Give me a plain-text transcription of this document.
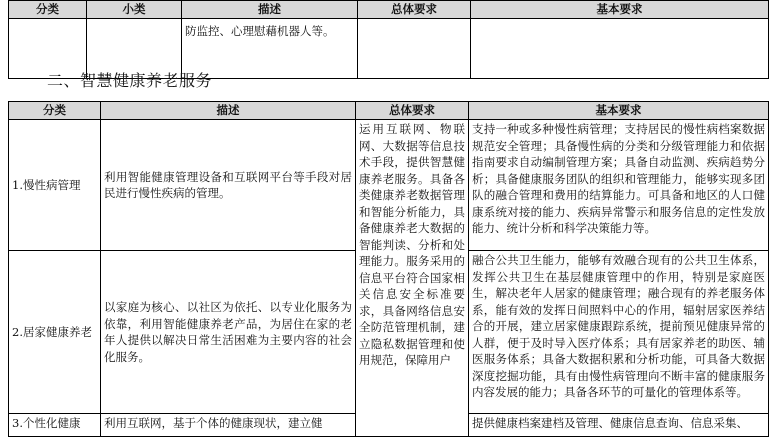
分类	小类	描述	总体要求	基本要求
		防监控、心理慰藉机器人等。		
二、智慧健康养老服务
分类	描述	总体要求	基本要求
1.慢性病管理	利用智能健康管理设备和互联网平台等手段对居民进行慢性疾病的管理。	运用互联网、物联网、大数据等信息技术手段，提供智慧健康养老服务。具备各类健康养老数据管理和智能分析能力，具备健康养老大数据的智能判读、分析和处理能力。服务采用的信息平台符合国家相关信息安全标准要求，具备网络信息安全防范管理机制，建立隐私数据管理和使用规范，保障用户	支持一种或多种慢性病管理；支持居民的慢性病档案数据规范安全管理；具备慢性病的分类和分级管理能力和依据指南要求自动编制管理方案；具备自动监测、疾病趋势分析；具备健康服务团队的组织和管理能力，能够实现多团队的融合管理和费用的结算能力。可具备和地区的人口健康系统对接的能力、疾病异常警示和服务信息的定性发放能力、统计分析和科学决策能力等。
2.居家健康养老	以家庭为核心、以社区为依托、以专业化服务为依靠，利用智能健康养老产品，为居住在家的老年人提供以解决日常生活困难为主要内容的社会化服务。		融合公共卫生能力，能够有效融合现有的公共卫生体系，发挥公共卫生在基层健康管理中的作用，特别是家庭医生，解决老年人居家的健康管理；融合现有的养老服务体系，能有效的发挥日间照料中心的作用，辐射居家医养结合的开展，建立居家健康跟踪系统，提前预见健康异常的人群，便于及时导入医疗体系；具有居家养老的助医、辅医服务体系；具备大数据积累和分析功能，可具备大数据深度挖掘功能，具有由慢性病管理向不断丰富的健康服务内容发展的能力；具备各环节的可量化的管理体系等。
3.个性化健康	利用互联网，基于个体的健康现状，建立健		提供健康档案建档及管理、健康信息查询、信息采集、
